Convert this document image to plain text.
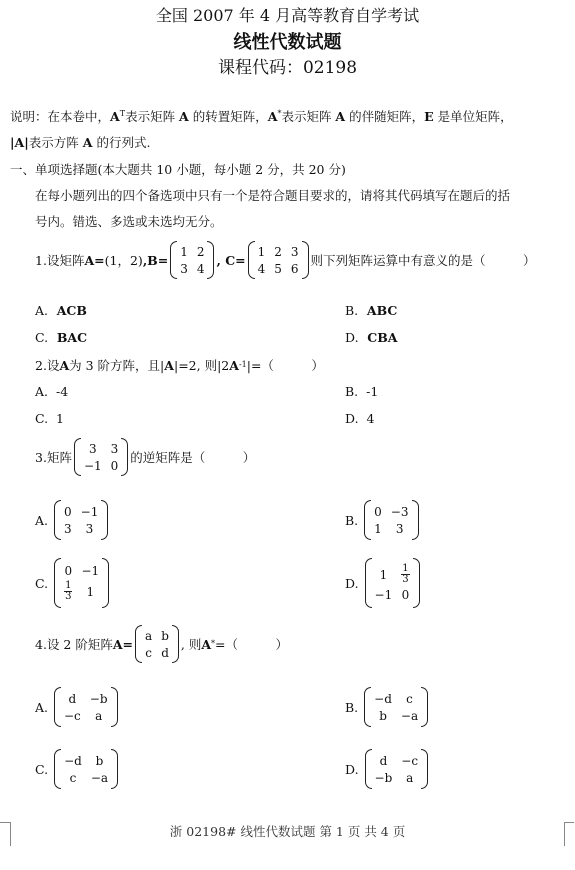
全国 2007 年 4 月高等教育自学考试
线性代数试题
课程代码：02198
说明：在本卷中，$A^T$表示矩阵 A 的转置矩阵，A*表示矩阵 A 的伴随矩阵，E 是单位矩阵，
|A|表示方阵 A 的行列式.
一、单项选择题(本大题共 10 小题，每小题 2 分，共 20 分)
在每小题列出的四个备选项中只有一个是符合题目要求的，请将其代码填写在题后的括
号内。错选、多选或未选均无分。
1. 设矩阵 A= (1，2) ,B=
1 2
3 4
, C=
1 2 3
4 5 6
则下列矩阵运算中有意义的是（　　　）
A.
ACB	B.
ABC
C.
BAC	D.
CBA
2. 设 A 为 3 阶方阵，且| A |=2, 则|2 A -1 |=（　　　）
A.
-4	B.
-1
C.
1	D.
4
3. 矩阵
3	3
−1 0
的逆矩阵是（　　　）
A.

0 −1
3	3
B.

0 −3
1	3
C.

0 −1
$\frac{1}{3}$	1
D.

1	$\frac{1}{3}$
−1 0
4. 设 2 阶矩阵 A=
a b
c d
, 则 A * =（　　　）
A.

d	−b
−c	a
B.

−d	c
b	−a
C.

−d	b
c	−a
D.

d	−c
−b	a
浙 02198# 线性代数试题 第 1 页 共 4 页
